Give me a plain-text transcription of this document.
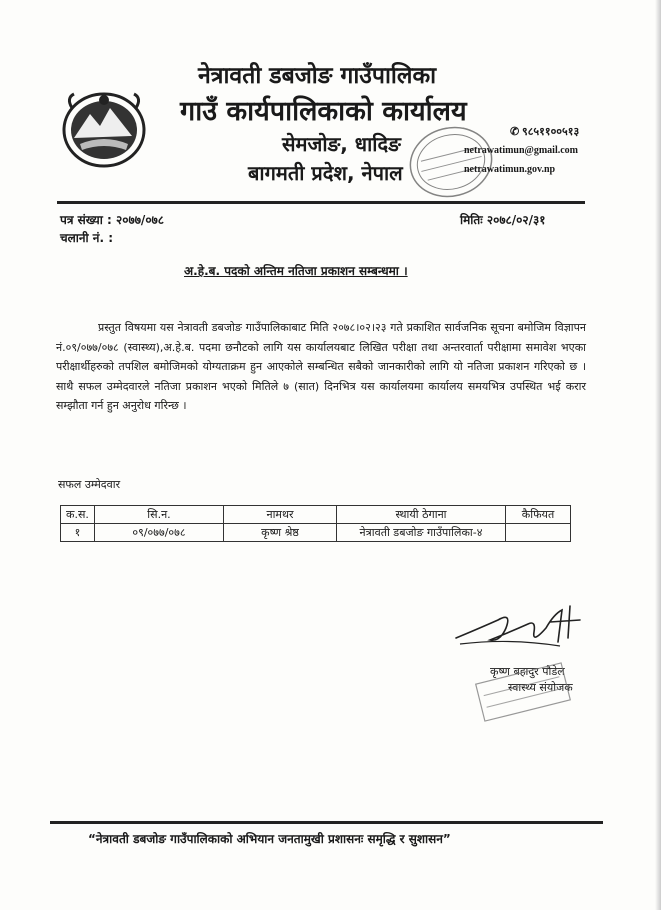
नेत्रावती डबजोङ गाउँपालिका
गाउँ कार्यपालिकाको कार्यालय
सेमजोङ, धादिङ
बागमती प्रदेश, नेपाल
✆ ९८५११००५१३
netrawatimun@gmail.com
netrawatimun.gov.np
पत्र संख्या : २०७७/०७८
चलानी नं. :
मितिः २०७८/०२/३१
अ.हे.ब. पदको अन्तिम नतिजा प्रकाशन सम्बन्धमा ।
प्रस्तुत विषयमा यस नेत्रावती डबजोङ गाउँपालिकाबाट मिति २०७८।०२।२३ गते प्रकाशित सार्वजनिक सूचना बमोजिम विज्ञापन नं.०९/०७७/०७८ (स्वास्थ्य),अ.हे.ब. पदमा छनौटको लागि यस कार्यालयबाट लिखित परीक्षा तथा अन्तरवार्ता परीक्षामा समावेश भएका परीक्षार्थीहरुको तपशिल बमोजिमको योग्यताक्रम हुन आएकोले सम्बन्धित सबैको जानकारीको लागि यो नतिजा प्रकाशन गरिएको छ । साथै सफल उम्मेदवारले नतिजा प्रकाशन भएको मितिले ७ (सात) दिनभित्र यस कार्यालयमा कार्यालय समयभित्र उपस्थित भई करार सम्झौता गर्न हुन अनुरोध गरिन्छ ।
सफल उम्मेदवार
क.स.	सि.न.	नामथर	स्थायी ठेगाना	कैफियत
१	०९/०७७/०७८	कृष्ण श्रेष्ठ	नेत्रावती डबजोङ गाउँपालिका-४	
कृष्ण बहादुर पौडेल
स्वास्थ्य संयोजक
“नेत्रावती डबजोङ गाउँपालिकाको अभियान जनतामुखी प्रशासनः समृद्धि र सुशासन”
